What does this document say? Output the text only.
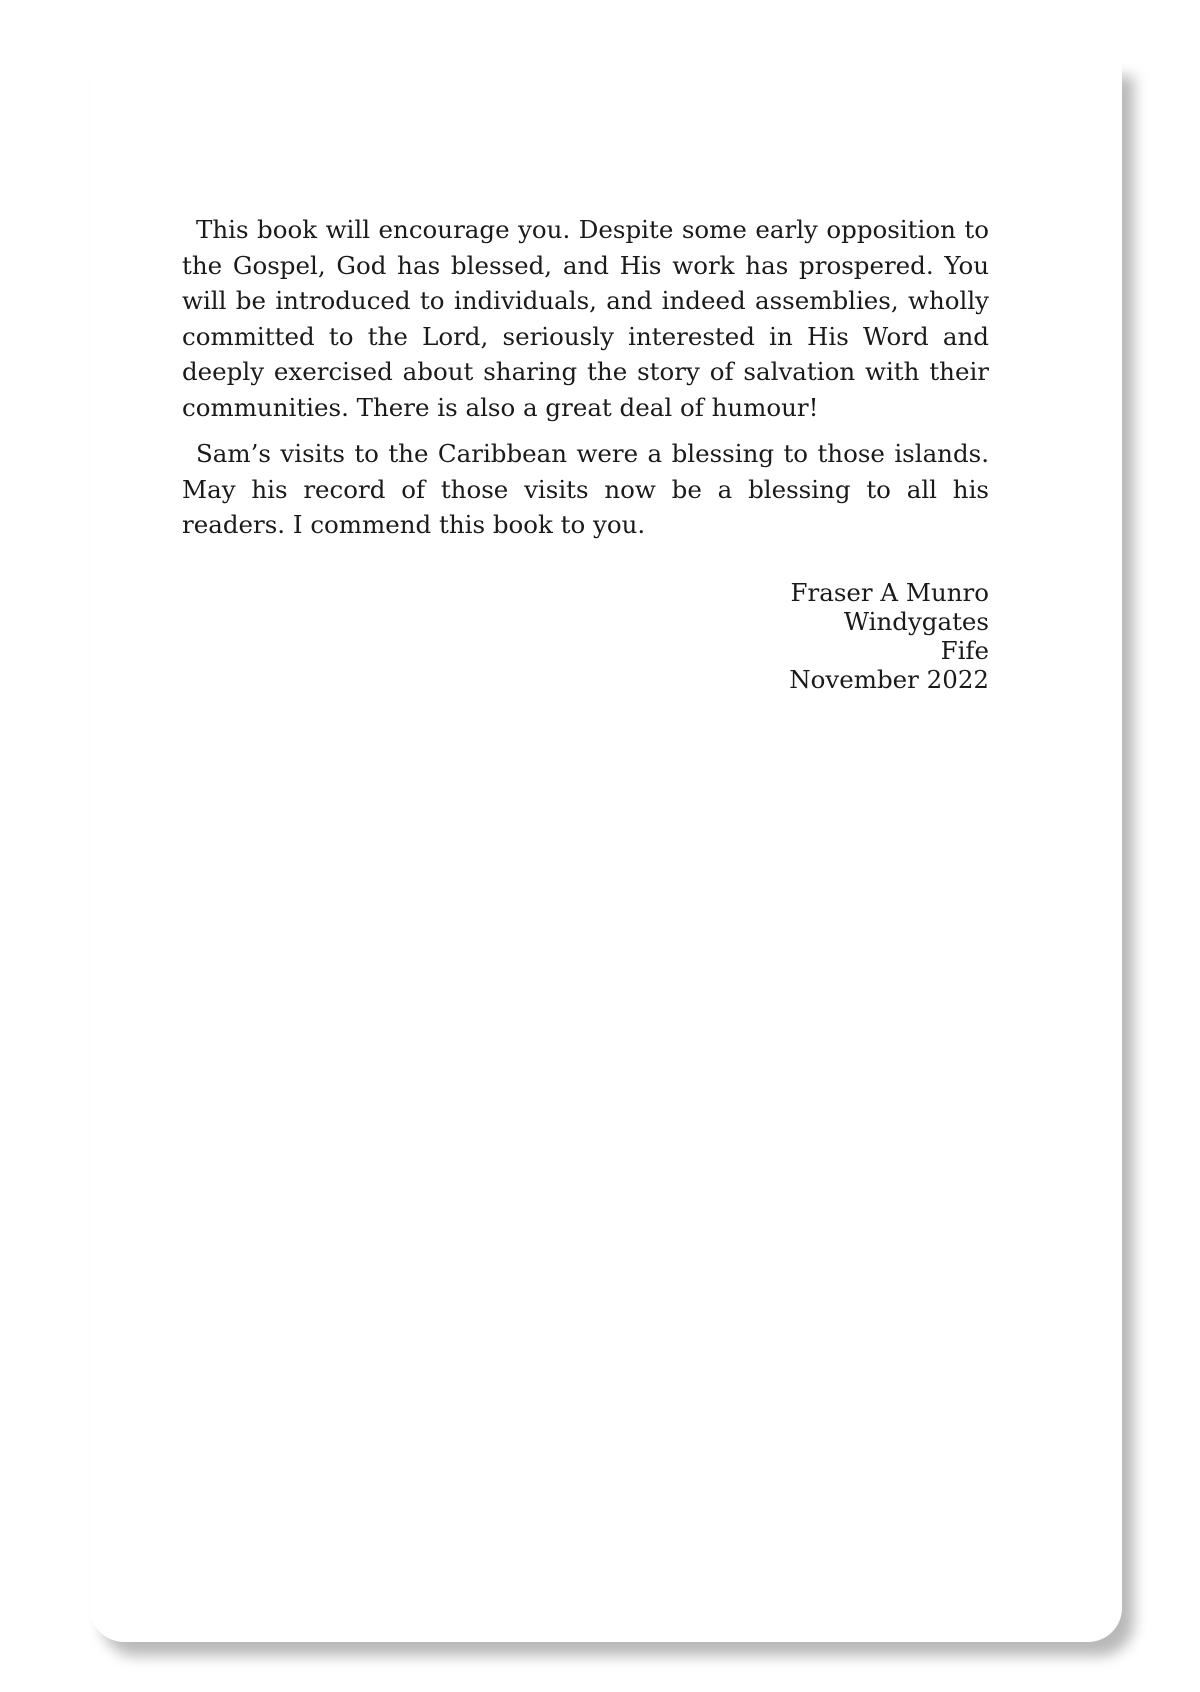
This book will encourage you. Despite some early opposition to the Gospel, God has blessed, and His work has prospered. You will be introduced to individuals, and indeed assemblies, wholly committed to the Lord, seriously interested in His Word and deeply exercised about sharing the story of salvation with their communities. There is also a great deal of humour!

Sam’s visits to the Caribbean were a blessing to those islands. May his record of those visits now be a blessing to all his readers. I commend this book to you.

Fraser A Munro
Windygates
Fife
November 2022
